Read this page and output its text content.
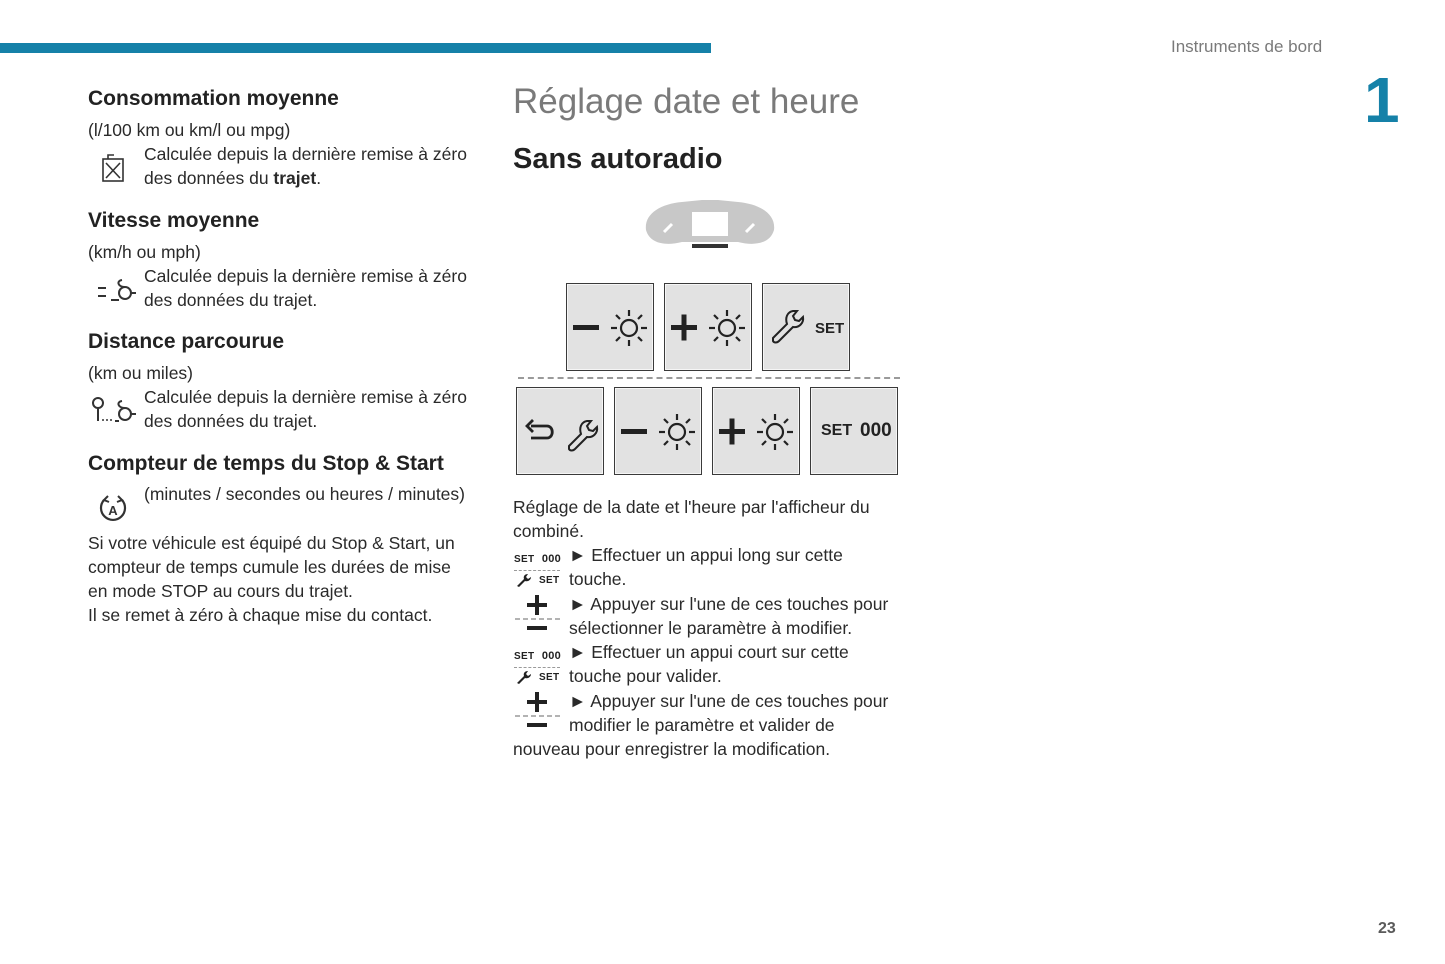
Instruments de bord
1
23
Consommation moyenne
(l/100 km ou km/l ou mpg)
Calculée depuis la dernière remise à zéro
des données du trajet.
Vitesse moyenne
(km/h ou mph)
Calculée depuis la dernière remise à zéro
des données du trajet.
Distance parcourue
(km ou miles)
Calculée depuis la dernière remise à zéro
des données du trajet.
Compteur de temps du Stop & Start
A
(minutes / secondes ou heures / minutes)
Si votre véhicule est équipé du Stop & Start, un
compteur de temps cumule les durées de mise
en mode STOP au cours du trajet.
Il se remet à zéro à chaque mise du contact.
Réglage date et heure
Sans autoradio
SET
SET 000
Réglage de la date et l'heure par l'afficheur du
combiné.
SET 000
SET
► Effectuer un appui long sur cette
touche.
► Appuyer sur l'une de ces touches pour
sélectionner le paramètre à modifier.
SET 000
SET
► Effectuer un appui court sur cette
touche pour valider.
► Appuyer sur l'une de ces touches pour
modifier le paramètre et valider de
nouveau pour enregistrer la modification.
